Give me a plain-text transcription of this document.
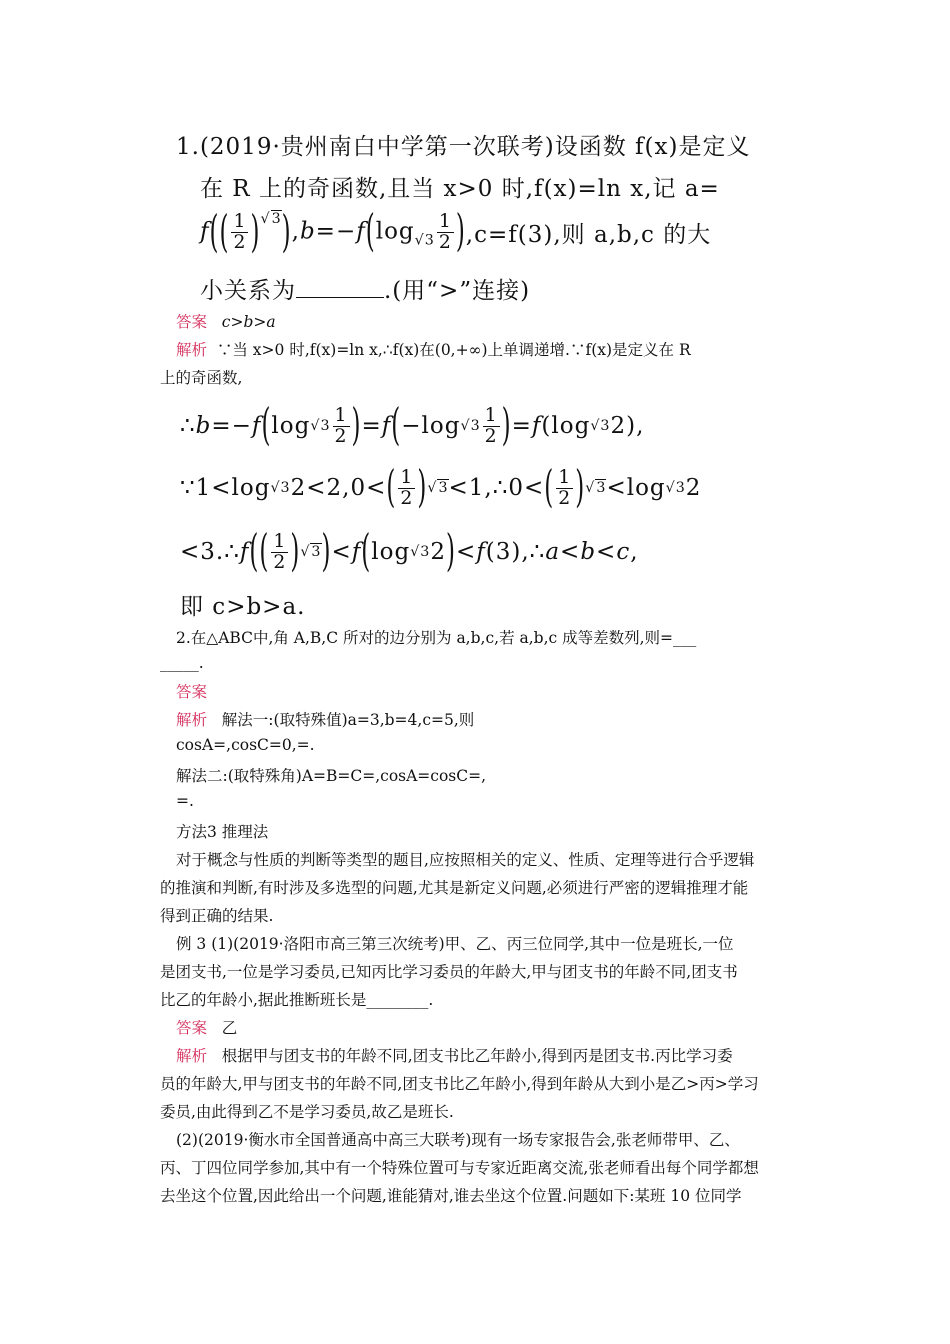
1.(2019·贵州南白中学第一次联考)设函数 f(x)是定义
在 R 上的奇函数,且当 x>0 时,f(x)=ln x,记 a=
$f(( \frac{1}{2} )^{√3})$ $,b=-f(\log_{√3} \frac{1}{2}$ ) ,c=f(3),则 a,b,c 的大
小关系为	.(用“>”连接)
答案 c>b>a
解析 ∵当 x>0 时,f(x)=ln x,∴f(x)在(0,+∞)上单调递增.∵f(x)是定义在 R
上的奇函数,
∴ b =− f ( $\log √3 \frac{1}{2}$ ) = f ( −log $√3 \frac{1}{2}$ ) = f (log √3 2),
∵1<log √3 2<2,0< ( $\frac{1}{2}$ ) √3 <1,∴0< ( $\frac{1}{2}$ ) √3 <log √3 2
<3.∴ f ( ( $\frac{1}{2}$ ) √3 ) < f ( log √3 2 ) < f (3),∴ a < b < c ,
即 c>b>a.
2.在△ABC中,角 A,B,C 所对的边分别为 a,b,c,若 a,b,c 成等差数列,则=___
_____.
答案
解析 解法一:(取特殊值)a=3,b=4,c=5,则
cosA=,cosC=0,=.
解法二:(取特殊角)A=B=C=,cosA=cosC=,
=.
方法3 推理法
对于概念与性质的判断等类型的题目,应按照相关的定义、性质、定理等进行合乎逻辑
的推演和判断,有时涉及多选型的问题,尤其是新定义问题,必须进行严密的逻辑推理才能
得到正确的结果.
例 3 (1)(2019·洛阳市高三第三次统考)甲、乙、丙三位同学,其中一位是班长,一位
是团支书,一位是学习委员,已知丙比学习委员的年龄大,甲与团支书的年龄不同,团支书
比乙的年龄小,据此推断班长是________.
答案 乙
解析 根据甲与团支书的年龄不同,团支书比乙年龄小,得到丙是团支书.丙比学习委
员的年龄大,甲与团支书的年龄不同,团支书比乙年龄小,得到年龄从大到小是乙>丙>学习
委员,由此得到乙不是学习委员,故乙是班长.
(2)(2019·衡水市全国普通高中高三大联考)现有一场专家报告会,张老师带甲、乙、
丙、丁四位同学参加,其中有一个特殊位置可与专家近距离交流,张老师看出每个同学都想
去坐这个位置,因此给出一个问题,谁能猜对,谁去坐这个位置.问题如下:某班 10 位同学
